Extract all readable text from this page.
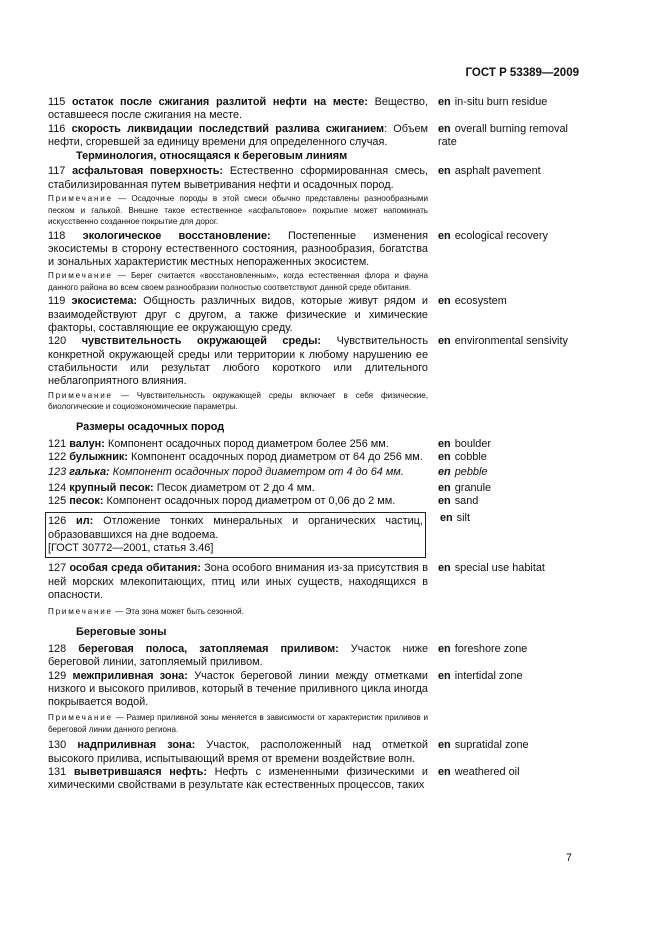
ГОСТ Р 53389—2009
115 остаток после сжигания разлитой нефти на месте: Вещество, оставшееся после сжигания на месте.
en in-situ burn residue
116 скорость ликвидации последствий разлива сжиганием: Объем нефти, сгоревшей за единицу времени для определенного случая.
en overall burning removal rate
Терминология, относящаяся к береговым линиям
117 асфальтовая поверхность: Естественно сформированная смесь, стабилизированная путем выветривания нефти и осадочных пород.
Примечание — Осадочные породы в этой смеси обычно представлены разнообразными песком и галькой. Внешне такое естественное «асфальтовое» покрытие может напоминать искусственно созданное покрытие для дорог.
en asphalt pavement
118 экологическое восстановление: Постепенные изменения экосистемы в сторону естественного состояния, разнообразия, богатства и зональных характеристик местных непораженных экосистем.
Примечание — Берег считается «восстановленным», когда естественная флора и фауна данного района во всем своем разнообразии полностью соответствуют данной среде обитания.
en ecological recovery
119 экосистема: Общность различных видов, которые живут рядом и взаимодействуют друг с другом, а также физические и химические факторы, составляющие ее окружающую среду.
en ecosystem
120 чувствительность окружающей среды: Чувствительность конкретной окружающей среды или территории к любому нарушению ее стабильности или результат любого короткого или длительного неблагоприятного влияния.
Примечание — Чувствительность окружающей среды включает в себя физические, биологические и социоэкономические параметры.
en environmental sensivity
Размеры осадочных пород
121 валун: Компонент осадочных пород диаметром более 256 мм.	en boulder
122 булыжник: Компонент осадочных пород диаметром от 64 до 256 мм.	en cobble
123 галька: Компонент осадочных пород диаметром от 4 до 64 мм.	en pebble
124 крупный песок: Песок диаметром от 2 до 4 мм.	en granule
125 песок: Компонент осадочных пород диаметром от 0,06 до 2 мм.	en sand
126 ил: Отложение тонких минеральных и органических частиц, образовавшихся на дне водоема.
[ГОСТ 30772—2001, статья 3.46]
en silt
127 особая среда обитания: Зона особого внимания из-за присутствия в ней морских млекопитающих, птиц или иных существ, находящихся в опасности.
Примечание — Эта зона может быть сезонной.
en special use habitat
Береговые зоны
128 береговая полоса, затопляемая приливом: Участок ниже береговой линии, затопляемый приливом.
en foreshore zone
129 межприливная зона: Участок береговой линии между отметками низкого и высокого приливов, который в течение приливного цикла иногда покрывается водой.
Примечание — Размер приливной зоны меняется в зависимости от характеристик приливов и береговой линии данного региона.
en intertidal zone
130 надприливная зона: Участок, расположенный над отметкой высокого прилива, испытывающий время от времени воздействие волн.
en supratidal zone
131 выветрившаяся нефть: Нефть с измененными физическими и химическими свойствами в результате как естественных процессов, таких
en weathered oil
7
